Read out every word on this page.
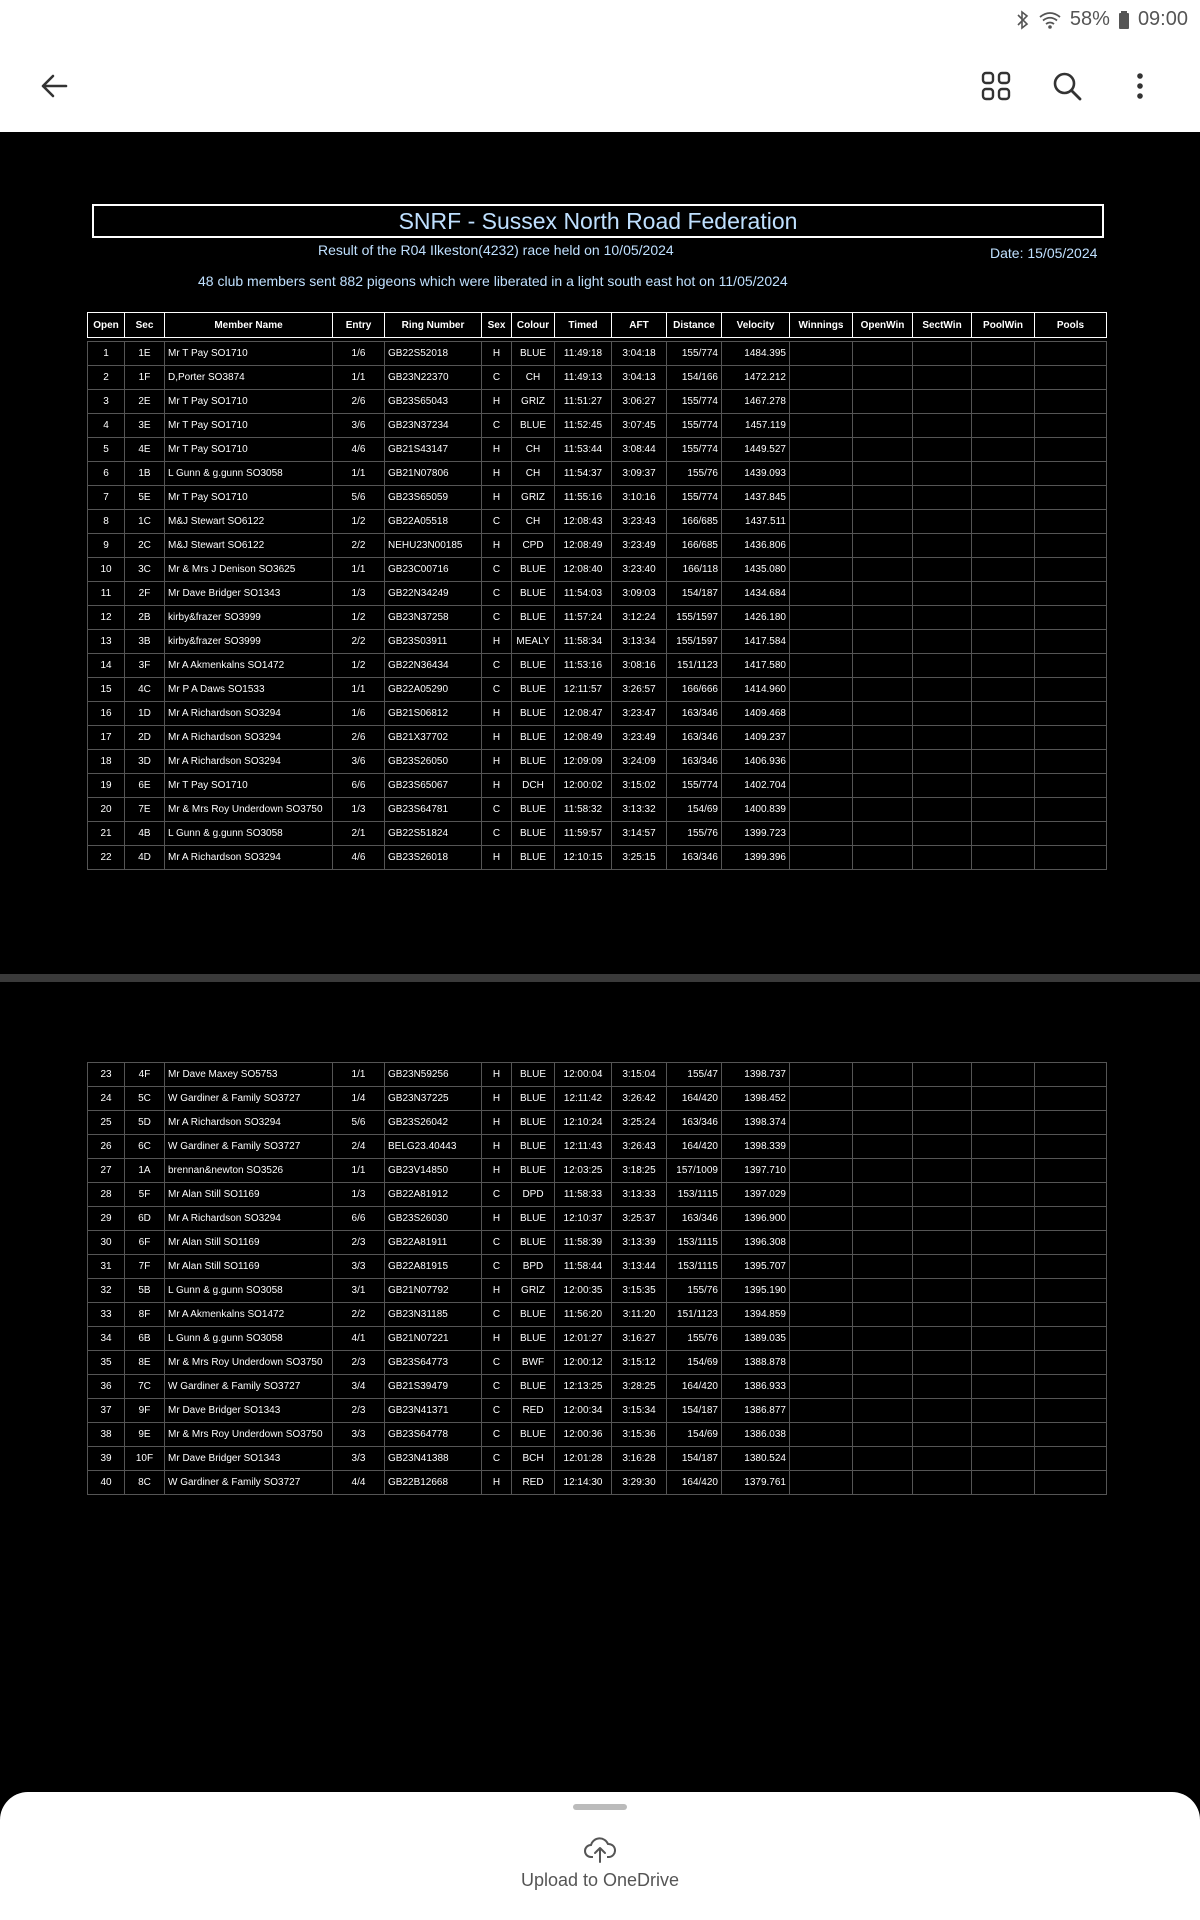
58% 09:00
SNRF - Sussex North Road Federation
Result of the R04 Ilkeston(4232) race held on 10/05/2024	Date: 15/05/2024
48 club members sent 882 pigeons which were liberated in a light south east hot on 11/05/2024
Open	Sec	Member Name	Entry	Ring Number	Sex	Colour	Timed	AFT	Distance	Velocity	Winnings	OpenWin	SectWin	PoolWin	Pools

1	1E	Mr T Pay SO1710	1/6	GB22S52018	H	BLUE	11:49:18	3:04:18	155/774	1484.395					
2	1F	D,Porter SO3874	1/1	GB23N22370	C	CH	11:49:13	3:04:13	154/166	1472.212					
3	2E	Mr T Pay SO1710	2/6	GB23S65043	H	GRIZ	11:51:27	3:06:27	155/774	1467.278					
4	3E	Mr T Pay SO1710	3/6	GB23N37234	C	BLUE	11:52:45	3:07:45	155/774	1457.119					
5	4E	Mr T Pay SO1710	4/6	GB21S43147	H	CH	11:53:44	3:08:44	155/774	1449.527					
6	1B	L Gunn & g.gunn SO3058	1/1	GB21N07806	H	CH	11:54:37	3:09:37	155/76	1439.093					
7	5E	Mr T Pay SO1710	5/6	GB23S65059	H	GRIZ	11:55:16	3:10:16	155/774	1437.845					
8	1C	M&J Stewart SO6122	1/2	GB22A05518	C	CH	12:08:43	3:23:43	166/685	1437.511					
9	2C	M&J Stewart SO6122	2/2	NEHU23N00185	H	CPD	12:08:49	3:23:49	166/685	1436.806					
10	3C	Mr & Mrs J Denison SO3625	1/1	GB23C00716	C	BLUE	12:08:40	3:23:40	166/118	1435.080					
11	2F	Mr Dave Bridger SO1343	1/3	GB22N34249	C	BLUE	11:54:03	3:09:03	154/187	1434.684					
12	2B	kirby&frazer SO3999	1/2	GB23N37258	C	BLUE	11:57:24	3:12:24	155/1597	1426.180					
13	3B	kirby&frazer SO3999	2/2	GB23S03911	H	MEALY	11:58:34	3:13:34	155/1597	1417.584					
14	3F	Mr A Akmenkalns SO1472	1/2	GB22N36434	C	BLUE	11:53:16	3:08:16	151/1123	1417.580					
15	4C	Mr P A Daws SO1533	1/1	GB22A05290	C	BLUE	12:11:57	3:26:57	166/666	1414.960					
16	1D	Mr A Richardson SO3294	1/6	GB21S06812	H	BLUE	12:08:47	3:23:47	163/346	1409.468					
17	2D	Mr A Richardson SO3294	2/6	GB21X37702	H	BLUE	12:08:49	3:23:49	163/346	1409.237					
18	3D	Mr A Richardson SO3294	3/6	GB23S26050	H	BLUE	12:09:09	3:24:09	163/346	1406.936					
19	6E	Mr T Pay SO1710	6/6	GB23S65067	H	DCH	12:00:02	3:15:02	155/774	1402.704					
20	7E	Mr & Mrs Roy Underdown SO3750	1/3	GB23S64781	C	BLUE	11:58:32	3:13:32	154/69	1400.839					
21	4B	L Gunn & g.gunn SO3058	2/1	GB22S51824	C	BLUE	11:59:57	3:14:57	155/76	1399.723					
22	4D	Mr A Richardson SO3294	4/6	GB23S26018	H	BLUE	12:10:15	3:25:15	163/346	1399.396					
23	4F	Mr Dave Maxey SO5753	1/1	GB23N59256	H	BLUE	12:00:04	3:15:04	155/47	1398.737					
24	5C	W Gardiner & Family SO3727	1/4	GB23N37225	H	BLUE	12:11:42	3:26:42	164/420	1398.452					
25	5D	Mr A Richardson SO3294	5/6	GB23S26042	H	BLUE	12:10:24	3:25:24	163/346	1398.374					
26	6C	W Gardiner & Family SO3727	2/4	BELG23.40443	H	BLUE	12:11:43	3:26:43	164/420	1398.339					
27	1A	brennan&newton SO3526	1/1	GB23V14850	H	BLUE	12:03:25	3:18:25	157/1009	1397.710					
28	5F	Mr Alan Still SO1169	1/3	GB22A81912	C	DPD	11:58:33	3:13:33	153/1115	1397.029					
29	6D	Mr A Richardson SO3294	6/6	GB23S26030	H	BLUE	12:10:37	3:25:37	163/346	1396.900					
30	6F	Mr Alan Still SO1169	2/3	GB22A81911	C	BLUE	11:58:39	3:13:39	153/1115	1396.308					
31	7F	Mr Alan Still SO1169	3/3	GB22A81915	C	BPD	11:58:44	3:13:44	153/1115	1395.707					
32	5B	L Gunn & g.gunn SO3058	3/1	GB21N07792	H	GRIZ	12:00:35	3:15:35	155/76	1395.190					
33	8F	Mr A Akmenkalns SO1472	2/2	GB23N31185	C	BLUE	11:56:20	3:11:20	151/1123	1394.859					
34	6B	L Gunn & g.gunn SO3058	4/1	GB21N07221	H	BLUE	12:01:27	3:16:27	155/76	1389.035					
35	8E	Mr & Mrs Roy Underdown SO3750	2/3	GB23S64773	C	BWF	12:00:12	3:15:12	154/69	1388.878					
36	7C	W Gardiner & Family SO3727	3/4	GB21S39479	C	BLUE	12:13:25	3:28:25	164/420	1386.933					
37	9F	Mr Dave Bridger SO1343	2/3	GB23N41371	C	RED	12:00:34	3:15:34	154/187	1386.877					
38	9E	Mr & Mrs Roy Underdown SO3750	3/3	GB23S64778	C	BLUE	12:00:36	3:15:36	154/69	1386.038					
39	10F	Mr Dave Bridger SO1343	3/3	GB23N41388	C	BCH	12:01:28	3:16:28	154/187	1380.524					
40	8C	W Gardiner & Family SO3727	4/4	GB22B12668	H	RED	12:14:30	3:29:30	164/420	1379.761					
Upload to OneDrive
